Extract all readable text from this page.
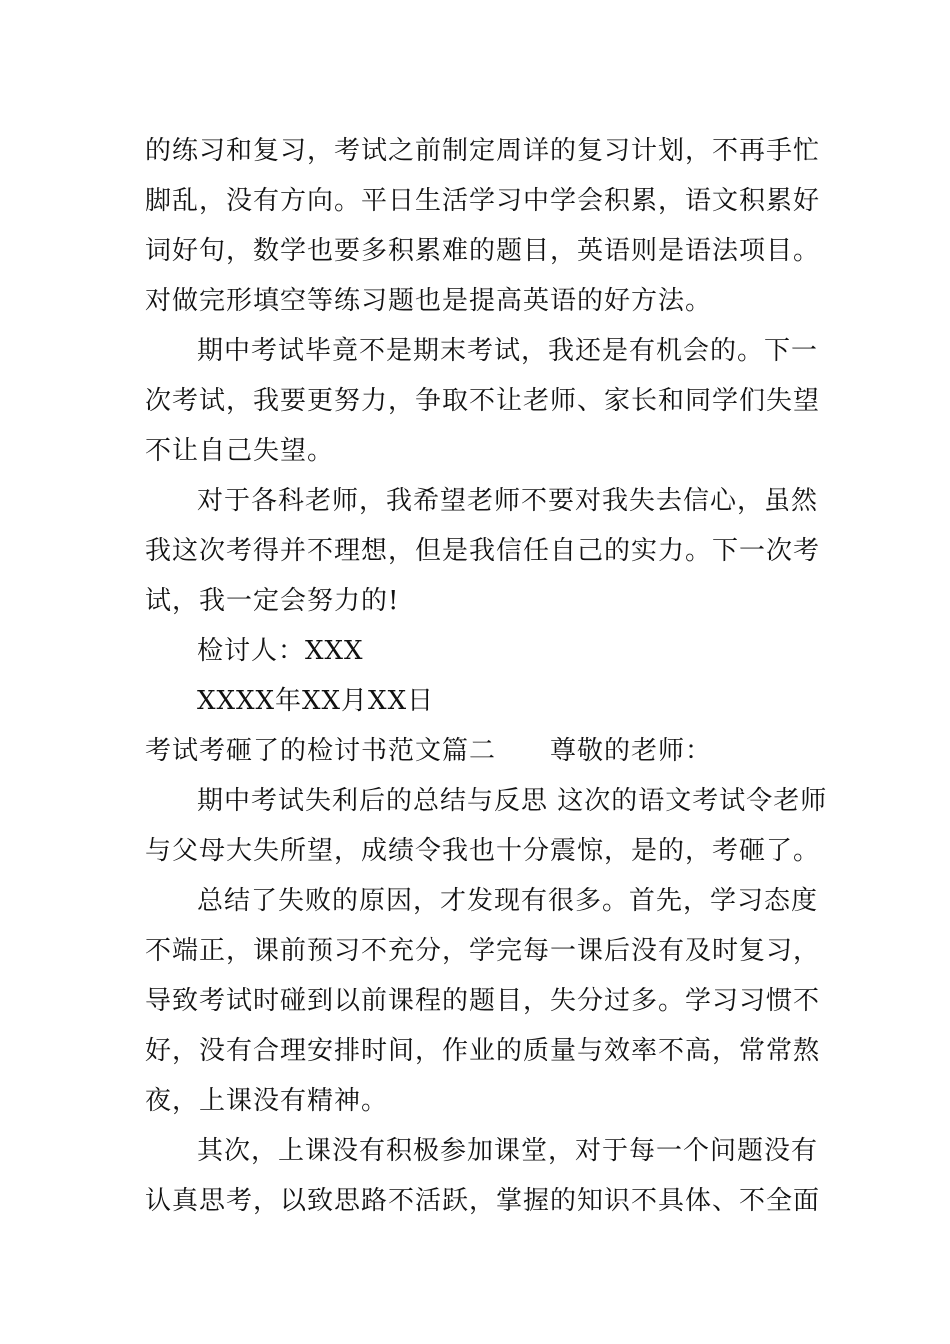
的练习和复习，考试之前制定周详的复习计划，不再手忙
脚乱，没有方向。平日生活学习中学会积累，语文积累好
词好句，数学也要多积累难的题目，英语则是语法项目。
对做完形填空等练习题也是提高英语的好方法。
期中考试毕竟不是期末考试，我还是有机会的。下一
次考试，我要更努力，争取不让老师、家长和同学们失望
不让自己失望。
对于各科老师，我希望老师不要对我失去信心，虽然
我这次考得并不理想，但是我信任自己的实力。下一次考
试，我一定会努力的!
检讨人：XXX
XXXX年XX月XX日
考试考砸了的检讨书范文篇二　　尊敬的老师：
期中考试失利后的总结与反思 这次的语文考试令老师
与父母大失所望，成绩令我也十分震惊，是的，考砸了。
总结了失败的原因，才发现有很多。首先，学习态度
不端正，课前预习不充分，学完每一课后没有及时复习，
导致考试时碰到以前课程的题目，失分过多。学习习惯不
好，没有合理安排时间，作业的质量与效率不高，常常熬
夜，上课没有精神。
其次，上课没有积极参加课堂，对于每一个问题没有
认真思考，以致思路不活跃，掌握的知识不具体、不全面
